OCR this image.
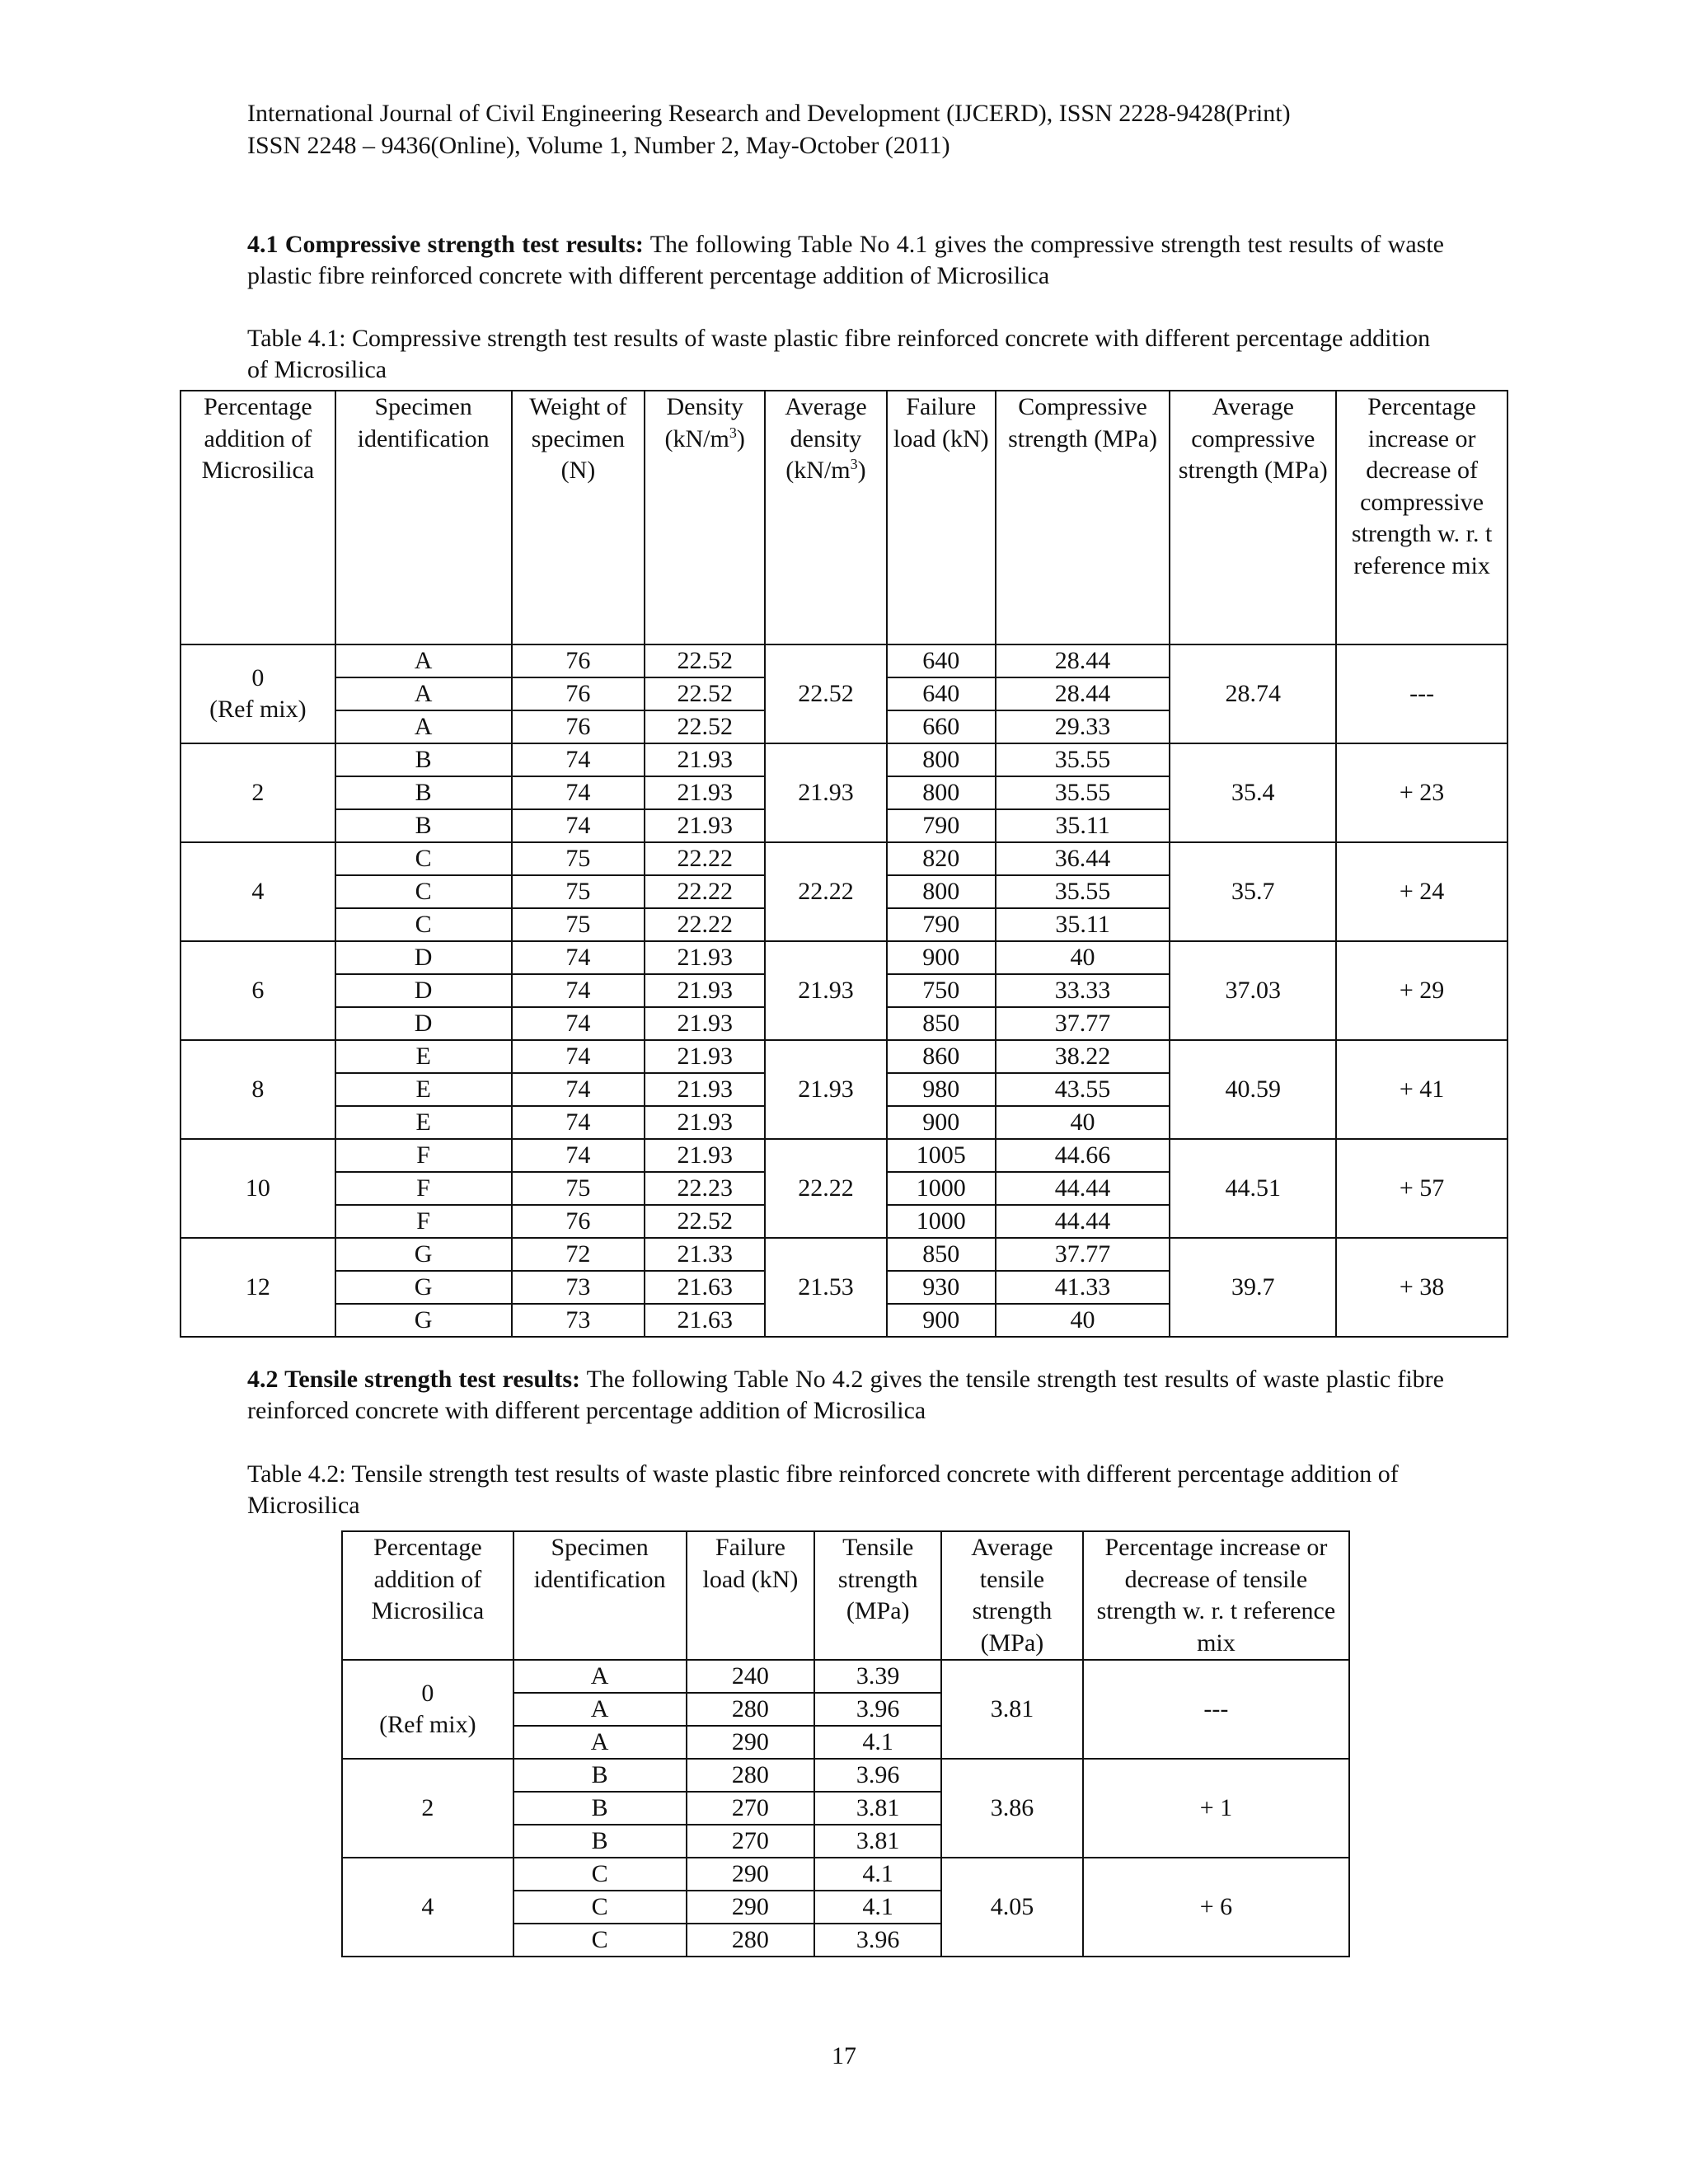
International Journal of Civil Engineering Research and Development (IJCERD), ISSN 2228-9428(Print)
ISSN 2248 – 9436(Online), Volume 1, Number 2, May-October (2011)
4.1 Compressive strength test results: The following Table No 4.1 gives the compressive strength test results of waste plastic fibre reinforced concrete with different percentage addition of Microsilica
Table 4.1: Compressive strength test results of waste plastic fibre reinforced concrete with different percentage addition of Microsilica
Percentage addition of Microsilica	Specimen identification	Weight of specimen (N)	Density $(kN/m^3)$	Average density $(kN/m^3)$	Failure load (kN)	Compressive strength (MPa)	Average compressive strength (MPa)	Percentage increase or decrease of compressive strength w. r. t reference mix
0
(Ref mix)	A	76	22.52	22.52	640	28.44	28.74	---
	A	76	22.52		640	28.44		
	A	76	22.52		660	29.33		
2	B	74	21.93	21.93	800	35.55	35.4	+ 23
	B	74	21.93		800	35.55		
	B	74	21.93		790	35.11		
4	C	75	22.22	22.22	820	36.44	35.7	+ 24
	C	75	22.22		800	35.55		
	C	75	22.22		790	35.11		
6	D	74	21.93	21.93	900	40	37.03	+ 29
	D	74	21.93		750	33.33		
	D	74	21.93		850	37.77		
8	E	74	21.93	21.93	860	38.22	40.59	+ 41
	E	74	21.93		980	43.55		
	E	74	21.93		900	40		
10	F	74	21.93	22.22	1005	44.66	44.51	+ 57
	F	75	22.23		1000	44.44		
	F	76	22.52		1000	44.44		
12	G	72	21.33	21.53	850	37.77	39.7	+ 38
	G	73	21.63		930	41.33		
	G	73	21.63		900	40		
4.2 Tensile strength test results: The following Table No 4.2 gives the tensile strength test results of waste plastic fibre reinforced concrete with different percentage addition of Microsilica
Table 4.2: Tensile strength test results of waste plastic fibre reinforced concrete with different percentage addition of Microsilica
Percentage addition of Microsilica	Specimen identification	Failure load (kN)	Tensile strength (MPa)	Average tensile strength (MPa)	Percentage increase or decrease of tensile strength w. r. t reference mix
0
(Ref mix)	A	240	3.39	3.81	---
	A	280	3.96		
	A	290	4.1		
2	B	280	3.96	3.86	+ 1
	B	270	3.81		
	B	270	3.81		
4	C	290	4.1	4.05	+ 6
	C	290	4.1		
	C	280	3.96		
17
